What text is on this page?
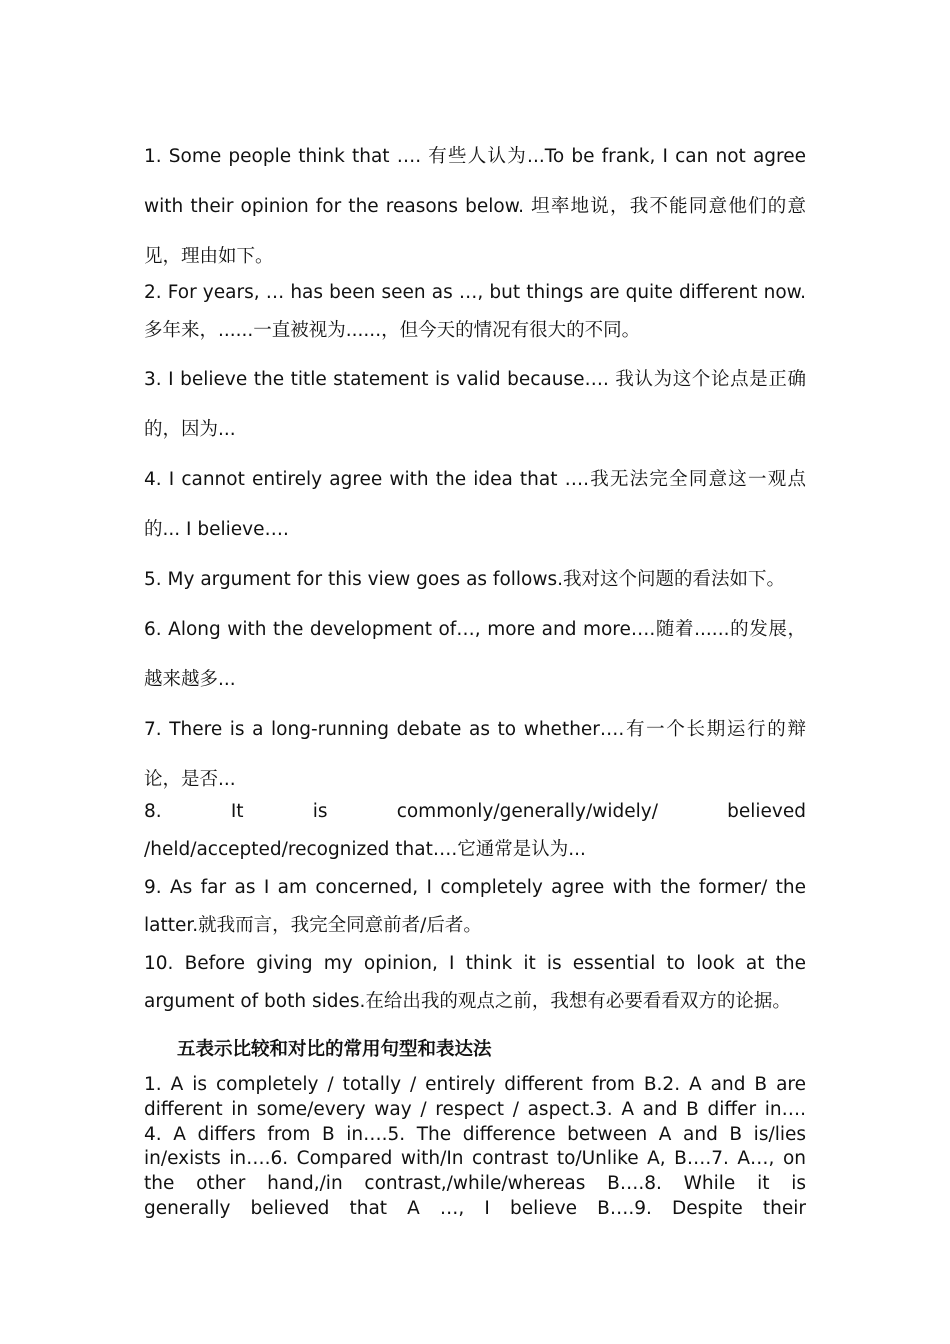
1. Some people think that …. 有些人认为...To be frank, I can not agree with their opinion for the reasons below. 坦率地说，我不能同意他们的意见，理由如下。

2. For years, … has been seen as …, but things are quite different now.多年来，......一直被视为......，但今天的情况有很大的不同。

3. I believe the title statement is valid because…. 我认为这个论点是正确的，因为...

4. I cannot entirely agree with the idea that ….我无法完全同意这一观点的... I believe….

5. My argument for this view goes as follows.我对这个问题的看法如下。

6. Along with the development of…, more and more….随着......的发展，越来越多...

7. There is a long-running debate as to whether….有一个长期运行的辩论，是否...

8. It is commonly/generally/widely/ believed

/held/accepted/recognized that….它通常是认为...

9. As far as I am concerned, I completely agree with the former/ the latter.就我而言，我完全同意前者/后者。

10. Before giving my opinion, I think it is essential to look at the argument of both sides.在给出我的观点之前，我想有必要看看双方的论据。

五表示比较和对比的常用句型和表达法
1. A is completely / totally / entirely different from B.2. A and B are
different in some/every way / respect / aspect.3. A and B differ in….
4. A differs from B in….5. The difference between A and B is/lies
in/exists in….6. Compared with/In contrast to/Unlike A, B….7. A…, on
the other hand,/in contrast,/while/whereas B….8. While it is
generally believed that A …, I believe B….9. Despite their
